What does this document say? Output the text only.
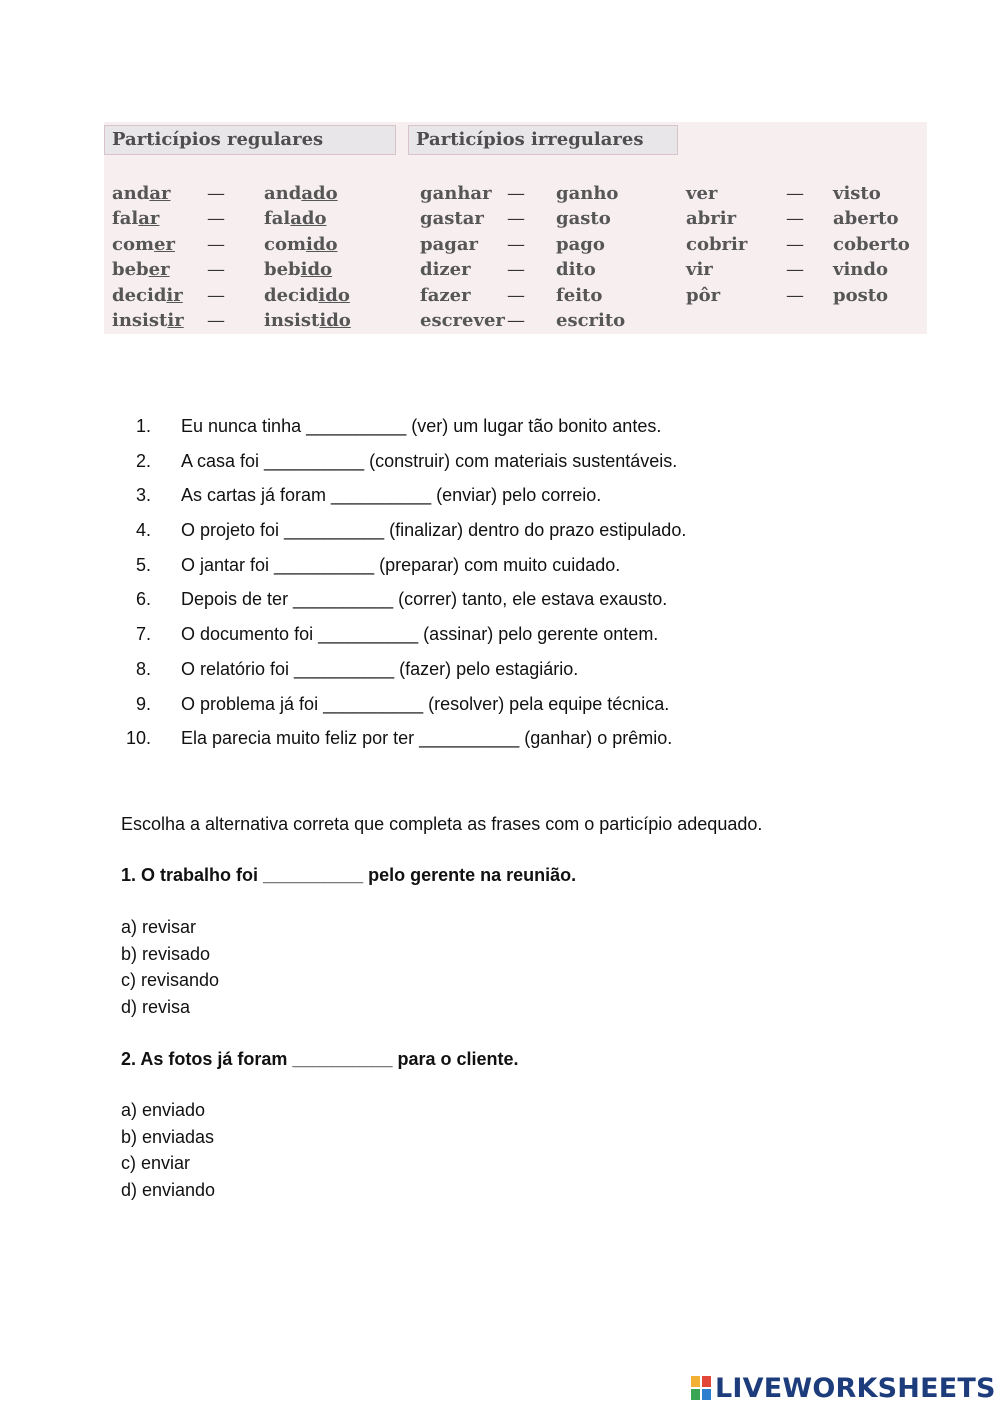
Particípios regulares	Particípios irregulares
andar
falar
comer
beber
decidir
insistir
—
—
—
—
—
—
andado
falado
comido
bebido
decidido
insistido
ganhar
gastar
pagar
dizer
fazer
escrever
—
—
—
—
—
—
ganho
gasto
pago
dito
feito
escrito
ver
abrir
cobrir
vir
pôr
—
—
—
—
—
visto
aberto
coberto
vindo
posto
1. Eu nunca tinha __________ (ver) um lugar tão bonito antes.
2. A casa foi __________ (construir) com materiais sustentáveis.
3. As cartas já foram __________ (enviar) pelo correio.
4. O projeto foi __________ (finalizar) dentro do prazo estipulado.
5. O jantar foi __________ (preparar) com muito cuidado.
6. Depois de ter __________ (correr) tanto, ele estava exausto.
7. O documento foi __________ (assinar) pelo gerente ontem.
8. O relatório foi __________ (fazer) pelo estagiário.
9. O problema já foi __________ (resolver) pela equipe técnica.
10. Ela parecia muito feliz por ter __________ (ganhar) o prêmio.
Escolha a alternativa correta que completa as frases com o particípio adequado.
1. O trabalho foi __________ pelo gerente na reunião.
a) revisar
b) revisado
c) revisando
d) revisa
2. As fotos já foram __________ para o cliente.
a) enviado
b) enviadas
c) enviar
d) enviando
LIVEWORKSHEETS
